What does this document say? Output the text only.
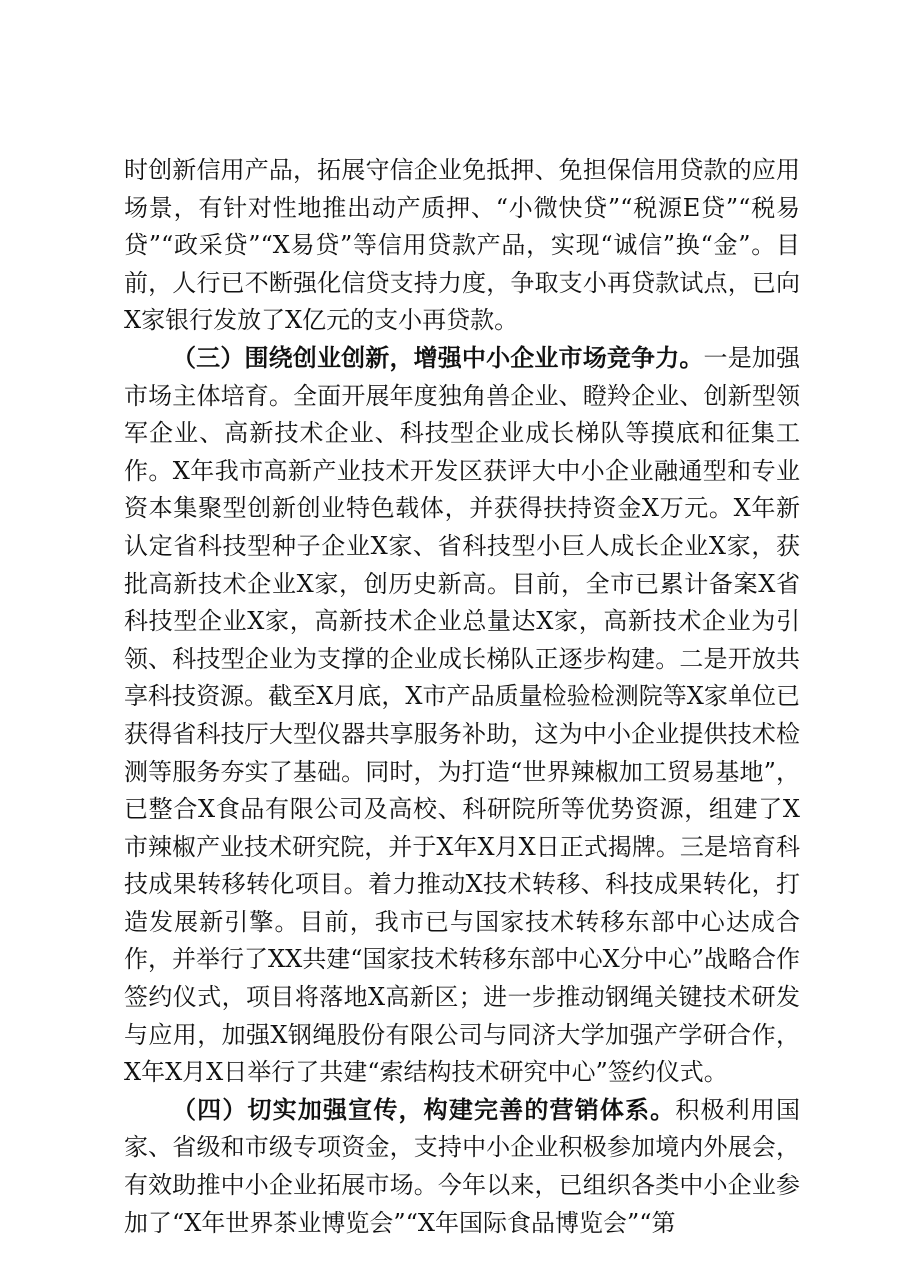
时创新信用产品，拓展守信企业免抵押、免担保信用贷款的应用场景，有针对性地推出动产质押、“小微快贷”“税源E贷”“税易贷”“政采贷”“X易贷”等信用贷款产品，实现“诚信”换“金”。目前，人行已不断强化信贷支持力度，争取支小再贷款试点，已向X家银行发放了X亿元的支小再贷款。

（三）围绕创业创新，增强中小企业市场竞争力。一是加强市场主体培育。全面开展年度独角兽企业、瞪羚企业、创新型领军企业、高新技术企业、科技型企业成长梯队等摸底和征集工作。X年我市高新产业技术开发区获评大中小企业融通型和专业资本集聚型创新创业特色载体，并获得扶持资金X万元。X年新认定省科技型种子企业X家、省科技型小巨人成长企业X家，获批高新技术企业X家，创历史新高。目前，全市已累计备案X省科技型企业X家，高新技术企业总量达X家，高新技术企业为引领、科技型企业为支撑的企业成长梯队正逐步构建。二是开放共享科技资源。截至X月底，X市产品质量检验检测院等X家单位已获得省科技厅大型仪器共享服务补助，这为中小企业提供技术检测等服务夯实了基础。同时，为打造“世界辣椒加工贸易基地”，已整合X食品有限公司及高校、科研院所等优势资源，组建了X市辣椒产业技术研究院，并于X年X月X日正式揭牌。三是培育科技成果转移转化项目。着力推动X技术转移、科技成果转化，打造发展新引擎。目前，我市已与国家技术转移东部中心达成合作，并举行了XX共建“国家技术转移东部中心X分中心”战略合作签约仪式，项目将落地X高新区；进一步推动钢绳关键技术研发与应用，加强X钢绳股份有限公司与同济大学加强产学研合作，X年X月X日举行了共建“索结构技术研究中心”签约仪式。

（四）切实加强宣传，构建完善的营销体系。积极利用国家、省级和市级专项资金，支持中小企业积极参加境内外展会，有效助推中小企业拓展市场。今年以来，已组织各类中小企业参加了“X年世界茶业博览会”“X年国际食品博览会”“第
